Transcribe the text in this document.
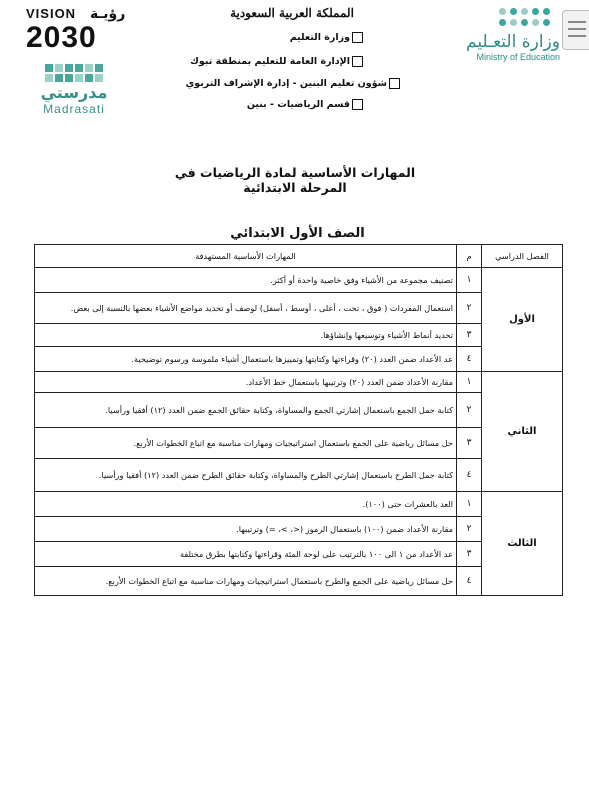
VISION رؤيـة
2030
مدرستي
Madrasati
المملكة العربية السعودية
وزارة التعليم
الإدارة العامة للتعليم بمنطقة تبوك
شؤون تعليم البنين - إدارة الإشراف التربوي
قسم الرياضيات - بنين
وزارة التعـليم
Ministry of Education
المهارات الأساسية لمادة الرياضيات في المرحلة الابتدائية
الصف الأول الابتدائي
الفصل الدراسي	م	المهارات الأساسية المستهدفة
الأول	١	تصنيف مجموعة من الأشياء وفق خاصية واحدة أو أكثر.
	٢	استعمال المفردات ( فوق ، تحت ، أعلى ، أوسط ، أسفل) لوصف أو تحديد مواضع الأشياء بعضها بالنسبة إلى بعض.
	٣	تحديد أنماط الأشياء وتوسيعها وإنشاؤها.
	٤	عد الأعداد ضمن العدد (٢٠) وقراءتها وكتابتها وتمييزها باستعمال أشياء ملموسة ورسوم توضيحية.
الثاني	١	مقارنة الأعداد ضمن العدد (٢٠) وترتيبها باستعمال خط الأعداد.
	٢	كتابة جمل الجمع باستعمال إشارتي الجمع والمساواة، وكتابة حقائق الجمع ضمن العدد (١٢) أفقيا ورأسيا.
	٣	حل مسائل رياضية على الجمع باستعمال استراتيجيات ومهارات مناسبة مع اتباع الخطوات الأربع.
	٤	كتابة جمل الطرح باستعمال إشارتي الطرح والمساواة، وكتابة حقائق الطرح ضمن العدد (١٢) أفقيا ورأسيا.
الثالث	١	العد بالعشرات حتى (١٠٠).
	٢	مقارنة الأعداد ضمن (١٠٠) باستعمال الرموز (<، >، =) وترتيبها.
	٣	عد الأعداد من ١ الى ١٠٠ بالترتيب على لوحة المئة وقراءتها وكتابتها بطرق مختلفة
	٤	حل مسائل رياضية على الجمع والطرح باستعمال استراتيجيات ومهارات مناسبة مع اتباع الخطوات الأربع.
